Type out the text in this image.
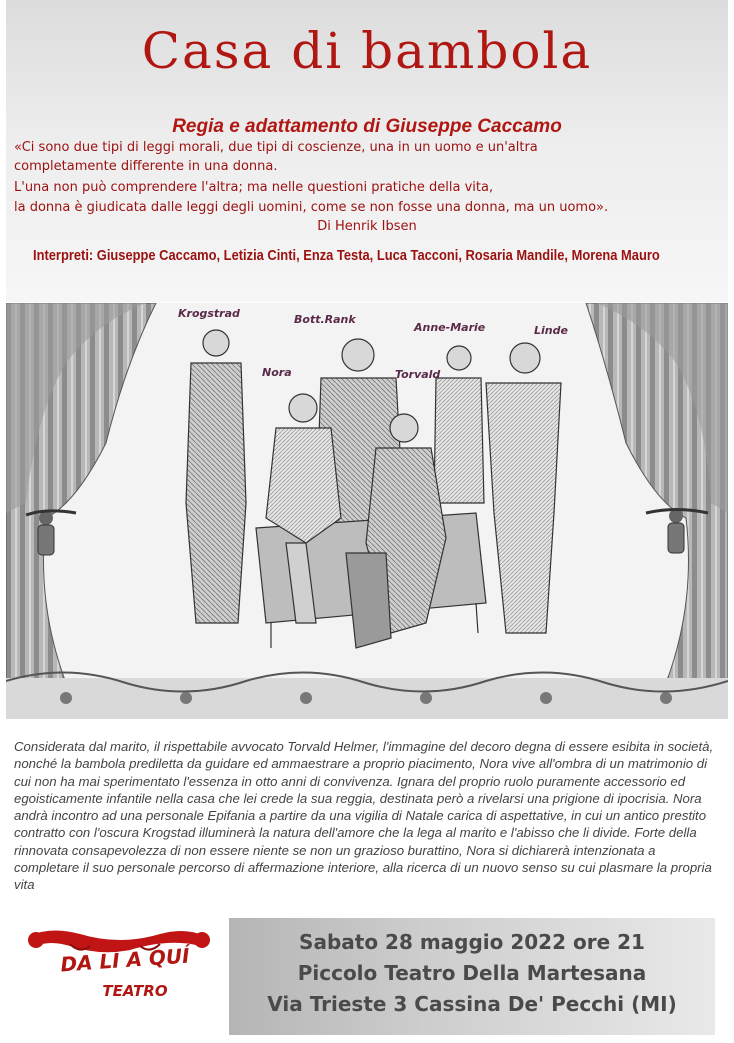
Casa di bambola
Regia e adattamento di Giuseppe Caccamo
«Ci sono due tipi di leggi morali, due tipi di coscienze, una in un uomo e un'altra
completamente differente in una donna.
L'una non può comprendere l'altra; ma nelle questioni pratiche della vita,
la donna è giudicata dalle leggi degli uomini, come se non fosse una donna, ma un uomo».
Di Henrik Ibsen
Interpreti: Giuseppe Caccamo, Letizia Cinti, Enza Testa, Luca Tacconi, Rosaria Mandile, Morena Mauro
Krogstrad	Bott.Rank
Anne-Marie	Linde
Nora	Torvald

Considerata dal marito, il rispettabile avvocato Torvald Helmer, l'immagine del decoro degna di essere esibita in società, nonché la bambola prediletta da guidare ed ammaestrare a proprio piacimento, Nora vive all'ombra di un matrimonio di cui non ha mai sperimentato l'essenza in otto anni di convivenza. Ignara del proprio ruolo puramente accessorio ed egoisticamente infantile nella casa che lei crede la sua reggia, destinata però a rivelarsi una prigione di ipocrisia. Nora andrà incontro ad una personale Epifania a partire da una vigilia di Natale carica di aspettative, in cui un antico prestito contratto con l'oscura Krogstad illuminerà la natura dell'amore che la lega al marito e l'abisso che li divide. Forte della rinnovata consapevolezza di non essere niente se non un grazioso burattino, Nora si dichiarerà intenzionata a completare il suo personale percorso di affermazione interiore, alla ricerca di un nuovo senso su cui plasmare la propria vita

DA LÍ A QUÍ
TEATRO
Sabato 28 maggio 2022 ore 21
Piccolo Teatro Della Martesana
Via Trieste 3 Cassina De' Pecchi (MI)
